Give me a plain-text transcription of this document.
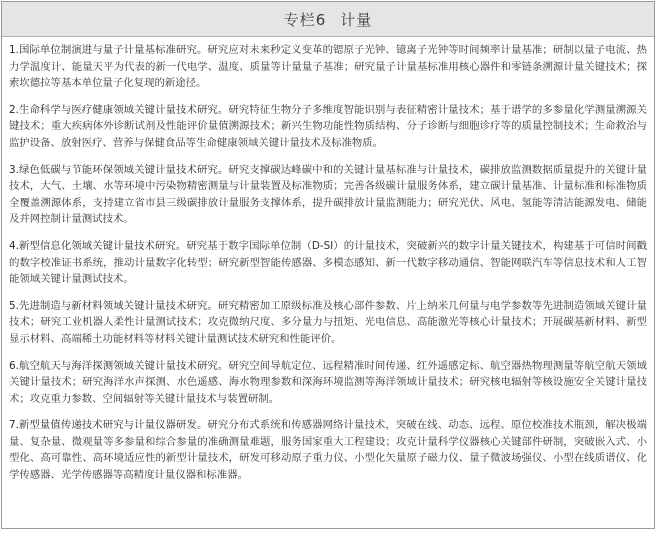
专栏6 计量

1.国际单位制演进与量子计量基标准研究。研究应对未来秒定义变革的锶原子光钟、镱离子光钟等时间频率计量基准；研制以量子电流、热力学温度计、能量天平为代表的新一代电学、温度、质量等计量量子基准；研究量子计量基标准用核心器件和零链条溯源计量关键技术；探索坎德拉等基本单位量子化复现的新途径。

2.生命科学与医疗健康领域关键计量技术研究。研究特征生物分子多维度智能识别与表征精密计量技术；基于谱学的多参量化学测量溯源关键技术；重大疾病体外诊断试剂及性能评价量值溯源技术；新兴生物功能性物质结构、分子诊断与细胞诊疗等的质量控制技术；生命救治与监护设备、放射医疗、营养与保健食品等生命健康领域关键计量技术及标准物质。

3.绿色低碳与节能环保领域关键计量技术研究。研究支撑碳达峰碳中和的关键计量基标准与计量技术，碳排放监测数据质量提升的关键计量技术，大气、土壤、水等环境中污染物精密测量与计量装置及标准物质；完善各级碳计量服务体系，建立碳计量基准、计量标准和标准物质全覆盖溯源体系，支持建立省市县三级碳排放计量服务支撑体系，提升碳排放计量监测能力；研究光伏、风电、氢能等清洁能源发电、储能及并网控制计量测试技术。

4.新型信息化领域关键计量技术研究。研究基于数字国际单位制（D-SI）的计量技术，突破新兴的数字计量关键技术，构建基于可信时间戳的数字校准证书系统，推动计量数字化转型；研究新型智能传感器、多模态感知、新一代数字移动通信、智能网联汽车等信息技术和人工智能领域关键计量测试技术。

5.先进制造与新材料领域关键计量技术研究。研究精密加工原级标准及核心部件参数、片上纳米几何量与电学参数等先进制造领域关键计量技术；研究工业机器人柔性计量测试技术；攻克微纳尺度、多分量力与扭矩、光电信息、高能激光等核心计量技术；开展碳基新材料、新型显示材料、高端稀土功能材料等材料关键计量测试技术研究和性能评价。

6.航空航天与海洋探测领域关键计量技术研究。研究空间导航定位、远程精准时间传递、红外遥感定标、航空器热物理测量等航空航天领域关键计量技术；研究海洋水声探测、水色遥感、海水物理参数和深海环境监测等海洋领域计量技术；研究核电辐射等核设施安全关键计量技术；攻克重力参数、空间辐射等关键计量技术与装置研制。

7.新型量值传递技术研究与计量仪器研发。研究分布式系统和传感器网络计量技术，突破在线、动态、远程、原位校准技术瓶颈，解决极端量、复杂量、微观量等多参量和综合参量的准确测量难题，服务国家重大工程建设；攻克计量科学仪器核心关键部件研制，突破嵌入式、小型化、高可靠性、高环境适应性的新型计量技术，研发可移动原子重力仪、小型化矢量原子磁力仪、量子微波场强仪、小型在线质谱仪、化学传感器、光学传感器等高精度计量仪器和标准器。
